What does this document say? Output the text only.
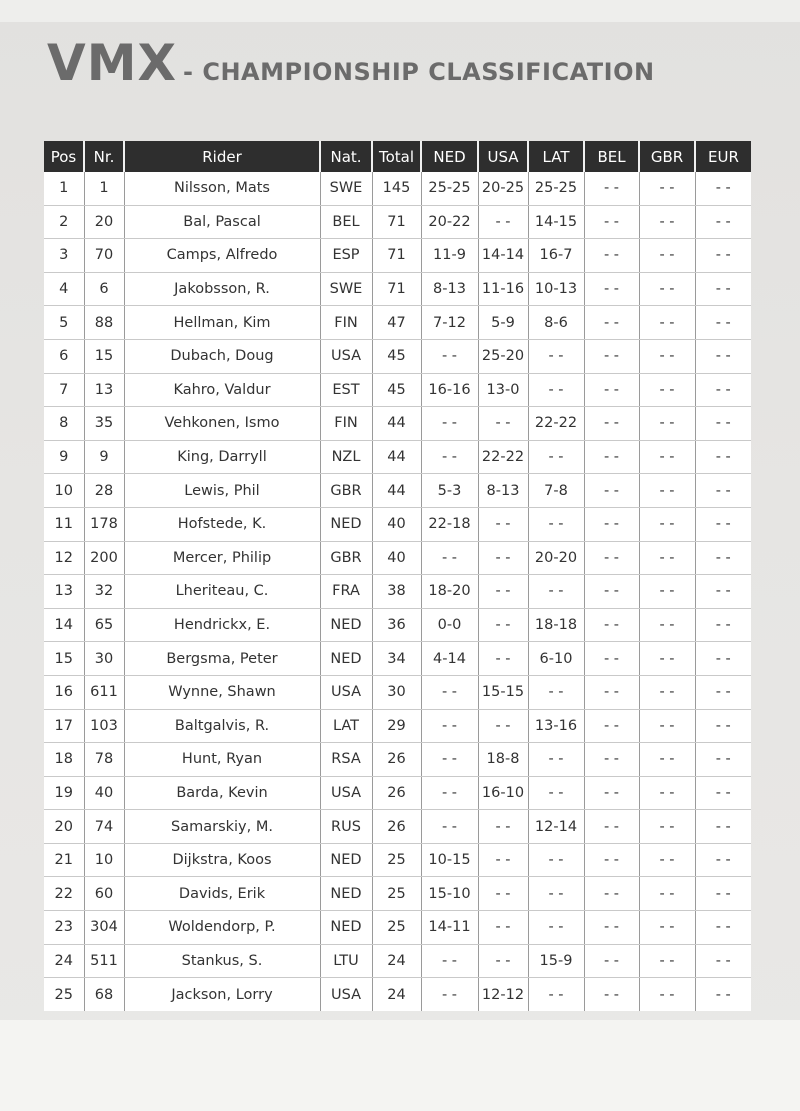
VMX - CHAMPIONSHIP CLASSIFICATION
Pos	Nr.	Rider	Nat.	Total	NED	USA	LAT	BEL	GBR	EUR
1	1	Nilsson, Mats	SWE	145	25-25	20-25	25-25	- -	- -	- -
2	20	Bal, Pascal	BEL	71	20-22	- -	14-15	- -	- -	- -
3	70	Camps, Alfredo	ESP	71	11-9	14-14	16-7	- -	- -	- -
4	6	Jakobsson, R.	SWE	71	8-13	11-16	10-13	- -	- -	- -
5	88	Hellman, Kim	FIN	47	7-12	5-9	8-6	- -	- -	- -
6	15	Dubach, Doug	USA	45	- -	25-20	- -	- -	- -	- -
7	13	Kahro, Valdur	EST	45	16-16	13-0	- -	- -	- -	- -
8	35	Vehkonen, Ismo	FIN	44	- -	- -	22-22	- -	- -	- -
9	9	King, Darryll	NZL	44	- -	22-22	- -	- -	- -	- -
10	28	Lewis, Phil	GBR	44	5-3	8-13	7-8	- -	- -	- -
11	178	Hofstede, K.	NED	40	22-18	- -	- -	- -	- -	- -
12	200	Mercer, Philip	GBR	40	- -	- -	20-20	- -	- -	- -
13	32	Lheriteau, C.	FRA	38	18-20	- -	- -	- -	- -	- -
14	65	Hendrickx, E.	NED	36	0-0	- -	18-18	- -	- -	- -
15	30	Bergsma, Peter	NED	34	4-14	- -	6-10	- -	- -	- -
16	611	Wynne, Shawn	USA	30	- -	15-15	- -	- -	- -	- -
17	103	Baltgalvis, R.	LAT	29	- -	- -	13-16	- -	- -	- -
18	78	Hunt, Ryan	RSA	26	- -	18-8	- -	- -	- -	- -
19	40	Barda, Kevin	USA	26	- -	16-10	- -	- -	- -	- -
20	74	Samarskiy, M.	RUS	26	- -	- -	12-14	- -	- -	- -
21	10	Dijkstra, Koos	NED	25	10-15	- -	- -	- -	- -	- -
22	60	Davids, Erik	NED	25	15-10	- -	- -	- -	- -	- -
23	304	Woldendorp, P.	NED	25	14-11	- -	- -	- -	- -	- -
24	511	Stankus, S.	LTU	24	- -	- -	15-9	- -	- -	- -
25	68	Jackson, Lorry	USA	24	- -	12-12	- -	- -	- -	- -
